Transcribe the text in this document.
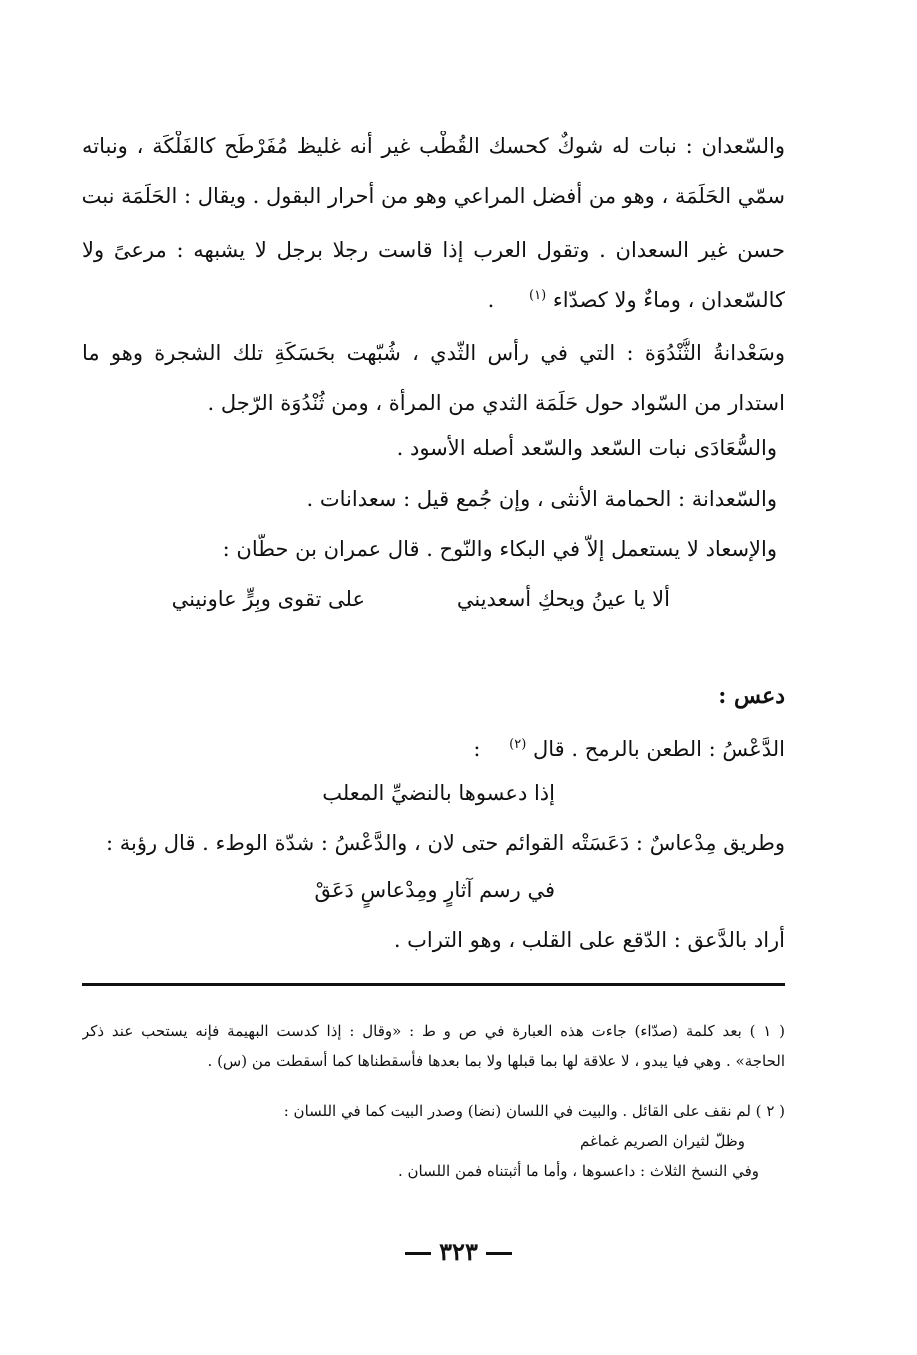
والسّعدان : نبات له شوكٌ كحسك القُطْب غير أنه غليظ مُفَرْطَح كالفَلْكَة ، ونباته
سمّي الحَلَمَة ، وهو من أفضل المراعي وهو من أحرار البقول . ويقال : الحَلَمَة نبت
حسن غير السعدان . وتقول العرب إذا قاست رجلا برجل لا يشبهه : مرعىً ولا
كالسّعدان ، وماءٌ ولا كصدّاء $^{(١)}$ .
وسَعْدانةُ الثُّنْدُوَة : التي في رأس الثّدي ، شُبّهت بحَسَكَةِ تلك الشجرة وهو ما
استدار من السّواد حول حَلَمَة الثدي من المرأة ، ومن ثُنْدُوَة الرّجل .
والسُّعَادَى نبات السّعد والسّعد أصله الأسود .
والسّعدانة : الحمامة الأنثى ، وإن جُمع قيل : سعدانات .
والإسعاد لا يستعمل إلاّ في البكاء والنّوح . قال عمران بن حطّان :
ألا يا عينُ ويحكِ أسعديني
على تقوى وبِرٍّ عاونيني
دعس :
الدَّعْسُ : الطعن بالرمح . قال $^{(٢)}$ :
إذا دعسوها بالنضيِّ المعلب
وطريق مِدْعاسٌ : دَعَسَتْه القوائم حتى لان ، والدَّعْسُ : شدّة الوطء . قال رؤبة :
في رسم آثارٍ ومِدْعاسٍ دَعَقْ
أراد بالدَّعق : الدّقع على القلب ، وهو التراب .
( ١ ) بعد كلمة (صدّاء) جاءت هذه العبارة في ص و ط : «وقال : إذا كدست البهيمة فإنه يستحب عند ذكر
الحاجة» . وهي فيا يبدو ، لا علاقة لها بما قبلها ولا بما بعدها فأسقطناها كما أسقطت من (س) .
( ٢ ) لم نقف على القائل . والبيت في اللسان (نضا) وصدر البيت كما في اللسان :
وظلّ لثيران الصريم غماغم
وفي النسخ الثلاث : داعسوها ، وأما ما أثبتناه فمن اللسان .
٣٢٣
